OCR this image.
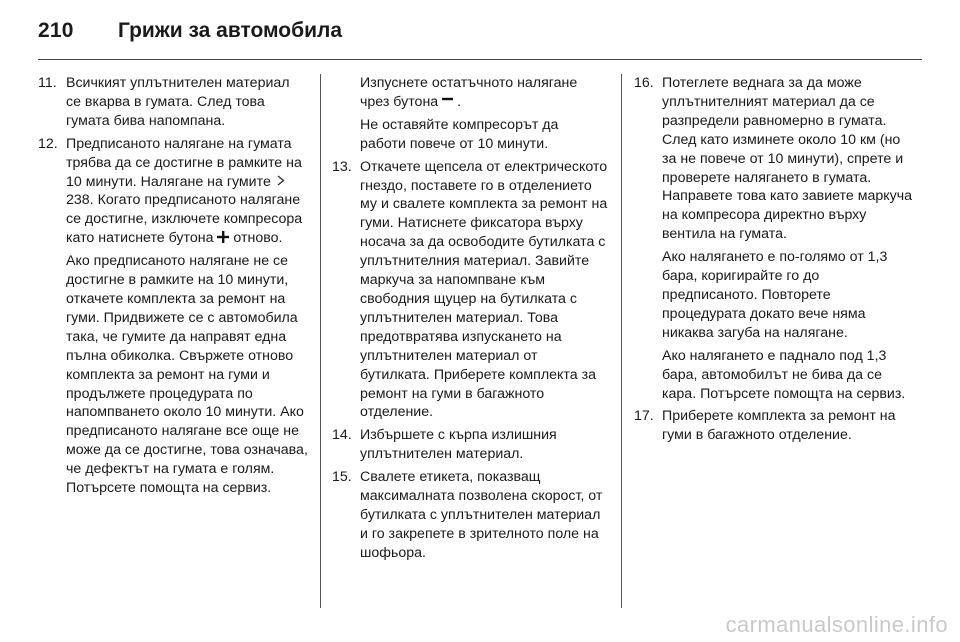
210	Грижи за автомобила
11. Всичкият уплътнителен материал се вкарва в гумата. След това гумата бива напомпана.
12. Предписаното налягане на гумата трябва да се достигне в рамките на 10 минути. Налягане на гумите  238. Когато предписаното налягане се достигне, изключете компресора като натиснете бутона отново.
Ако предписаното налягане не се достигне в рамките на 10 минути, откачете комплекта за ремонт на гуми. Придвижете се с автомобила така, че гумите да направят една пълна обиколка. Свържете отново комплекта за ремонт на гуми и продължете процедурата по напомпването около 10 минути. Ако предписаното налягане все още не може да се достигне, това означава, че дефектът на гумата е голям. Потърсете помощта на сервиз.
Изпуснете остатъчното налягане чрез бутона .
Не оставяйте компресорът да работи повече от 10 минути.
13. Откачете щепсела от електрическото гнездо, поставете го в отделението му и свалете комплекта за ремонт на гуми. Натиснете фиксатора върху носача за да освободите бутилката с уплътнителния материал. Завийте маркуча за напомпване към свободния щуцер на бутилката с уплътнителен материал. Това предотвратява изпускането на уплътнителен материал от бутилката. Приберете комплекта за ремонт на гуми в багажното отделение.
14. Избършете с кърпа излишния уплътнителен материал.
15. Свалете етикета, показващ максималната позволена скорост, от бутилката с уплътнителен материал и го закрепете в зрителното поле на шофьора.
16. Потеглете веднага за да може уплътнителният материал да се разпредели равномерно в гумата. След като изминете около 10 км (но за не повече от 10 минути), спрете и проверете налягането в гумата. Направете това като завиете маркуча на компресора директно върху вентила на гумата.
Ако налягането е по-голямо от 1,3 бара, коригирайте го до предписаното. Повторете процедурата докато вече няма никаква загуба на налягане.
Ако налягането е паднало под 1,3 бара, автомобилът не бива да се кара. Потърсете помощта на сервиз.
17. Приберете комплекта за ремонт на гуми в багажното отделение.
carmanualsonline.info
